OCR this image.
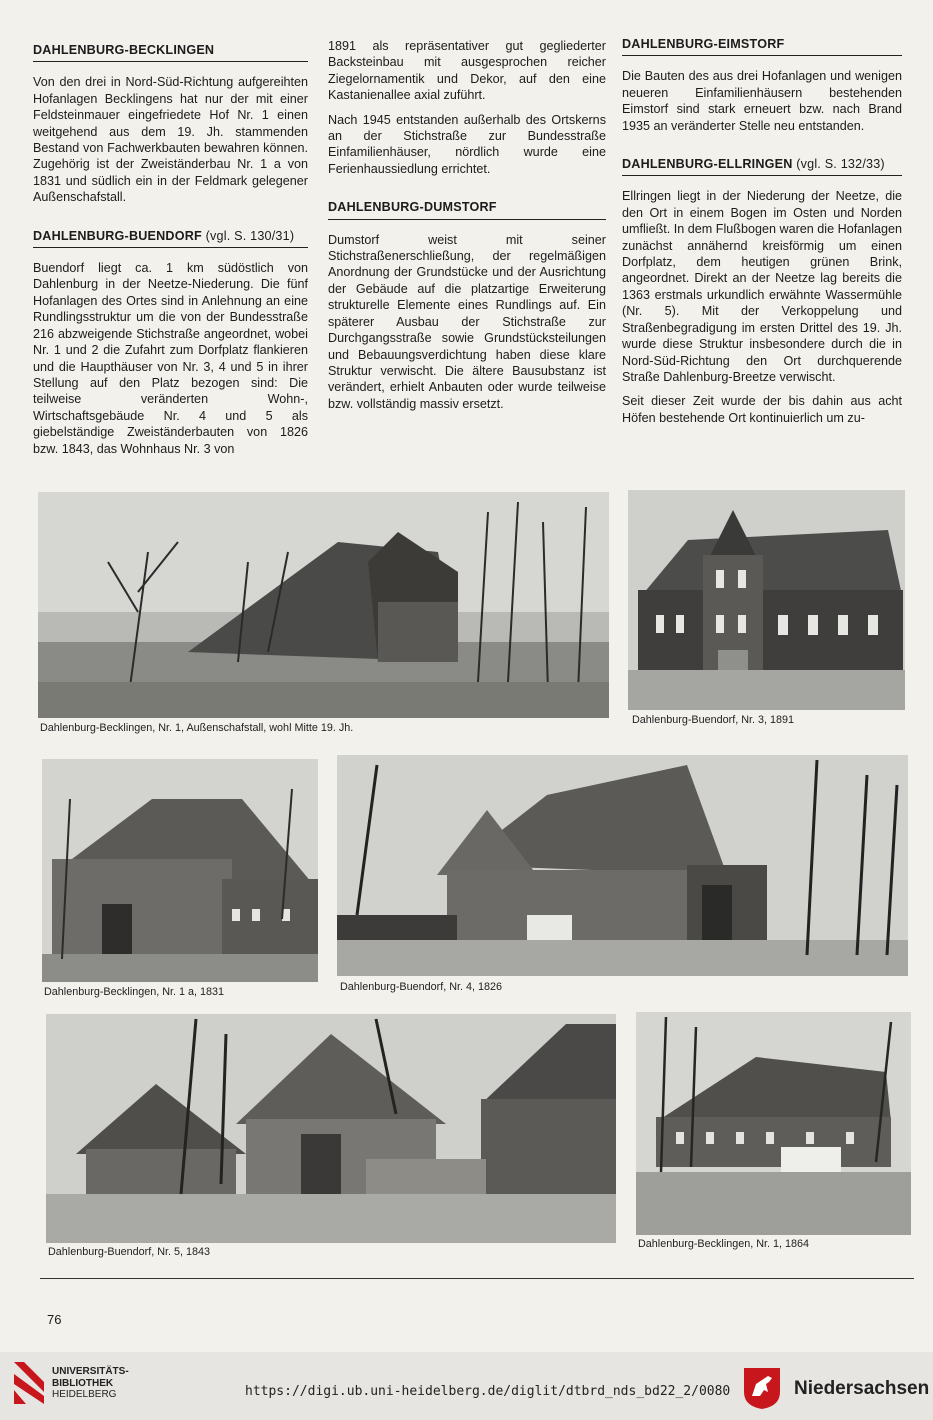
DAHLENBURG-BECKLINGEN

Von den drei in Nord-Süd-Richtung aufgereihten Hofanlagen Becklingens hat nur der mit einer Feldsteinmauer eingefriedete Hof Nr. 1 einen weitgehend aus dem 19. Jh. stammenden Bestand von Fachwerkbauten bewahren können. Zugehörig ist der Zweiständerbau Nr. 1 a von 1831 und südlich ein in der Feldmark gelegener Außenschafstall.

DAHLENBURG-BUENDORF (vgl. S. 130/31)

Buendorf liegt ca. 1 km südöstlich von Dahlenburg in der Neetze-Niederung. Die fünf Hofanlagen des Ortes sind in Anlehnung an eine Rundlingsstruktur um die von der Bundesstraße 216 abzweigende Stichstraße angeordnet, wobei Nr. 1 und 2 die Zufahrt zum Dorfplatz flankieren und die Haupthäuser von Nr. 3, 4 und 5 in ihrer Stellung auf den Platz bezogen sind: Die teilweise veränderten Wohn-, Wirtschaftsgebäude Nr. 4 und 5 als giebelständige Zweiständerbauten von 1826 bzw. 1843, das Wohnhaus Nr. 3 von

1891 als repräsentativer gut gegliederter Backsteinbau mit ausgesprochen reicher Ziegelornamentik und Dekor, auf den eine Kastanienallee axial zuführt.

Nach 1945 entstanden außerhalb des Ortskerns an der Stichstraße zur Bundesstraße Einfamilienhäuser, nördlich wurde eine Ferienhaussiedlung errichtet.

DAHLENBURG-DUMSTORF

Dumstorf weist mit seiner Stichstraßenerschließung, der regelmäßigen Anordnung der Grundstücke und der Ausrichtung der Gebäude auf die platzartige Erweiterung strukturelle Elemente eines Rundlings auf. Ein späterer Ausbau der Stichstraße zur Durchgangsstraße sowie Grundstücksteilungen und Bebauungsverdichtung haben diese klare Struktur verwischt. Die ältere Bausubstanz ist verändert, erhielt Anbauten oder wurde teilweise bzw. vollständig massiv ersetzt.

DAHLENBURG-EIMSTORF

Die Bauten des aus drei Hofanlagen und wenigen neueren Einfamilienhäusern bestehenden Eimstorf sind stark erneuert bzw. nach Brand 1935 an veränderter Stelle neu entstanden.

DAHLENBURG-ELLRINGEN (vgl. S. 132/33)

Ellringen liegt in der Niederung der Neetze, die den Ort in einem Bogen im Osten und Norden umfließt. In dem Flußbogen waren die Hofanlagen zunächst annähernd kreisförmig um einen Dorfplatz, dem heutigen grünen Brink, angeordnet. Direkt an der Neetze lag bereits die 1363 erstmals urkundlich erwähnte Wassermühle (Nr. 5). Mit der Verkoppelung und Straßenbegradigung im ersten Drittel des 19. Jh. wurde diese Struktur insbesondere durch die in Nord-Süd-Richtung den Ort durchquerende Straße Dahlenburg-Breetze verwischt.

Seit dieser Zeit wurde der bis dahin aus acht Höfen bestehende Ort kontinuierlich um zu-

Dahlenburg-Becklingen, Nr. 1, Außenschafstall, wohl Mitte 19. Jh.
Dahlenburg-Buendorf, Nr. 3, 1891
Dahlenburg-Becklingen, Nr. 1 a, 1831	Dahlenburg-Buendorf, Nr. 4, 1826
Dahlenburg-Buendorf, Nr. 5, 1843
Dahlenburg-Becklingen, Nr. 1, 1864
76
UNIVERSITÄTS-
BIBLIOTHEK
HEIDELBERG	https://digi.ub.uni-heidelberg.de/diglit/dtbrd_nds_bd22_2/0080	Niedersachsen
